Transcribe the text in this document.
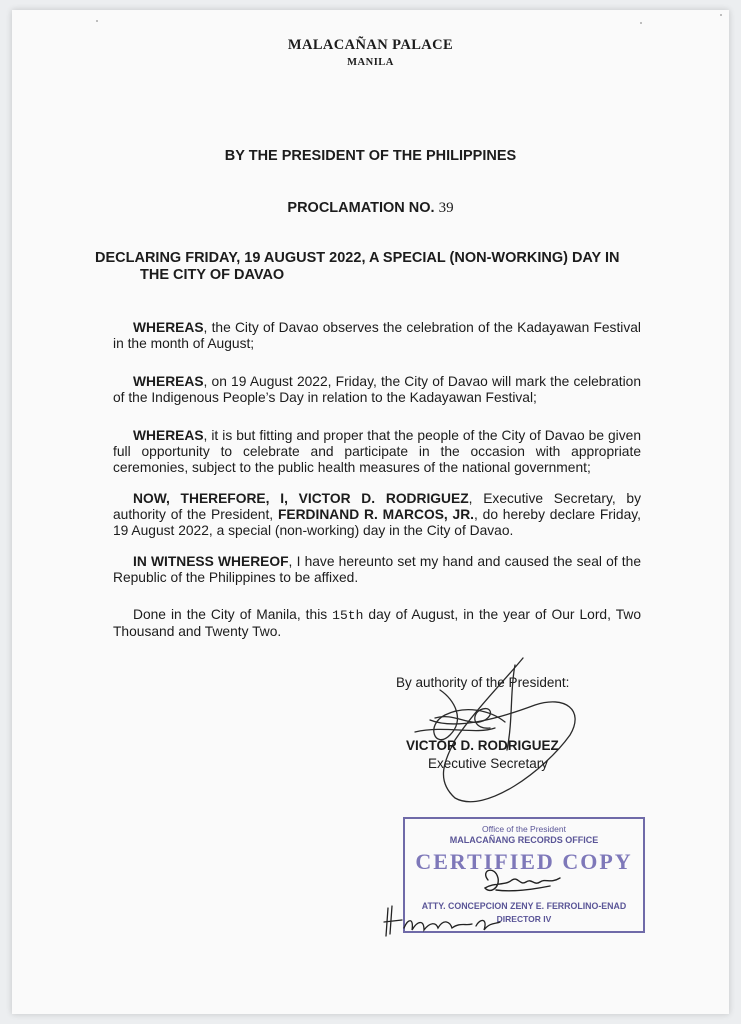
MALACAÑAN PALACE
MANILA
BY THE PRESIDENT OF THE PHILIPPINES
PROCLAMATION NO. 39
DECLARING FRIDAY, 19 AUGUST 2022, A SPECIAL (NON-WORKING) DAY IN
THE CITY OF DAVAO
WHEREAS, the City of Davao observes the celebration of the Kadayawan Festival in the month of August;
WHEREAS, on 19 August 2022, Friday, the City of Davao will mark the celebration of the Indigenous People’s Day in relation to the Kadayawan Festival;
WHEREAS, it is but fitting and proper that the people of the City of Davao be given full opportunity to celebrate and participate in the occasion with appropriate ceremonies, subject to the public health measures of the national government;
NOW, THEREFORE, I, VICTOR D. RODRIGUEZ, Executive Secretary, by authority of the President, FERDINAND R. MARCOS, JR., do hereby declare Friday, 19 August 2022, a special (non-working) day in the City of Davao.
IN WITNESS WHEREOF, I have hereunto set my hand and caused the seal of the Republic of the Philippines to be affixed.
Done in the City of Manila, this 15th day of August, in the year of Our Lord, Two Thousand and Twenty Two.
By authority of the President:
VICTOR D. RODRIGUEZ
Executive Secretary
Office of the President
MALACAÑANG RECORDS OFFICE
CERTIFIED COPY
ATTY. CONCEPCION ZENY E. FERROLINO-ENAD
DIRECTOR IV
